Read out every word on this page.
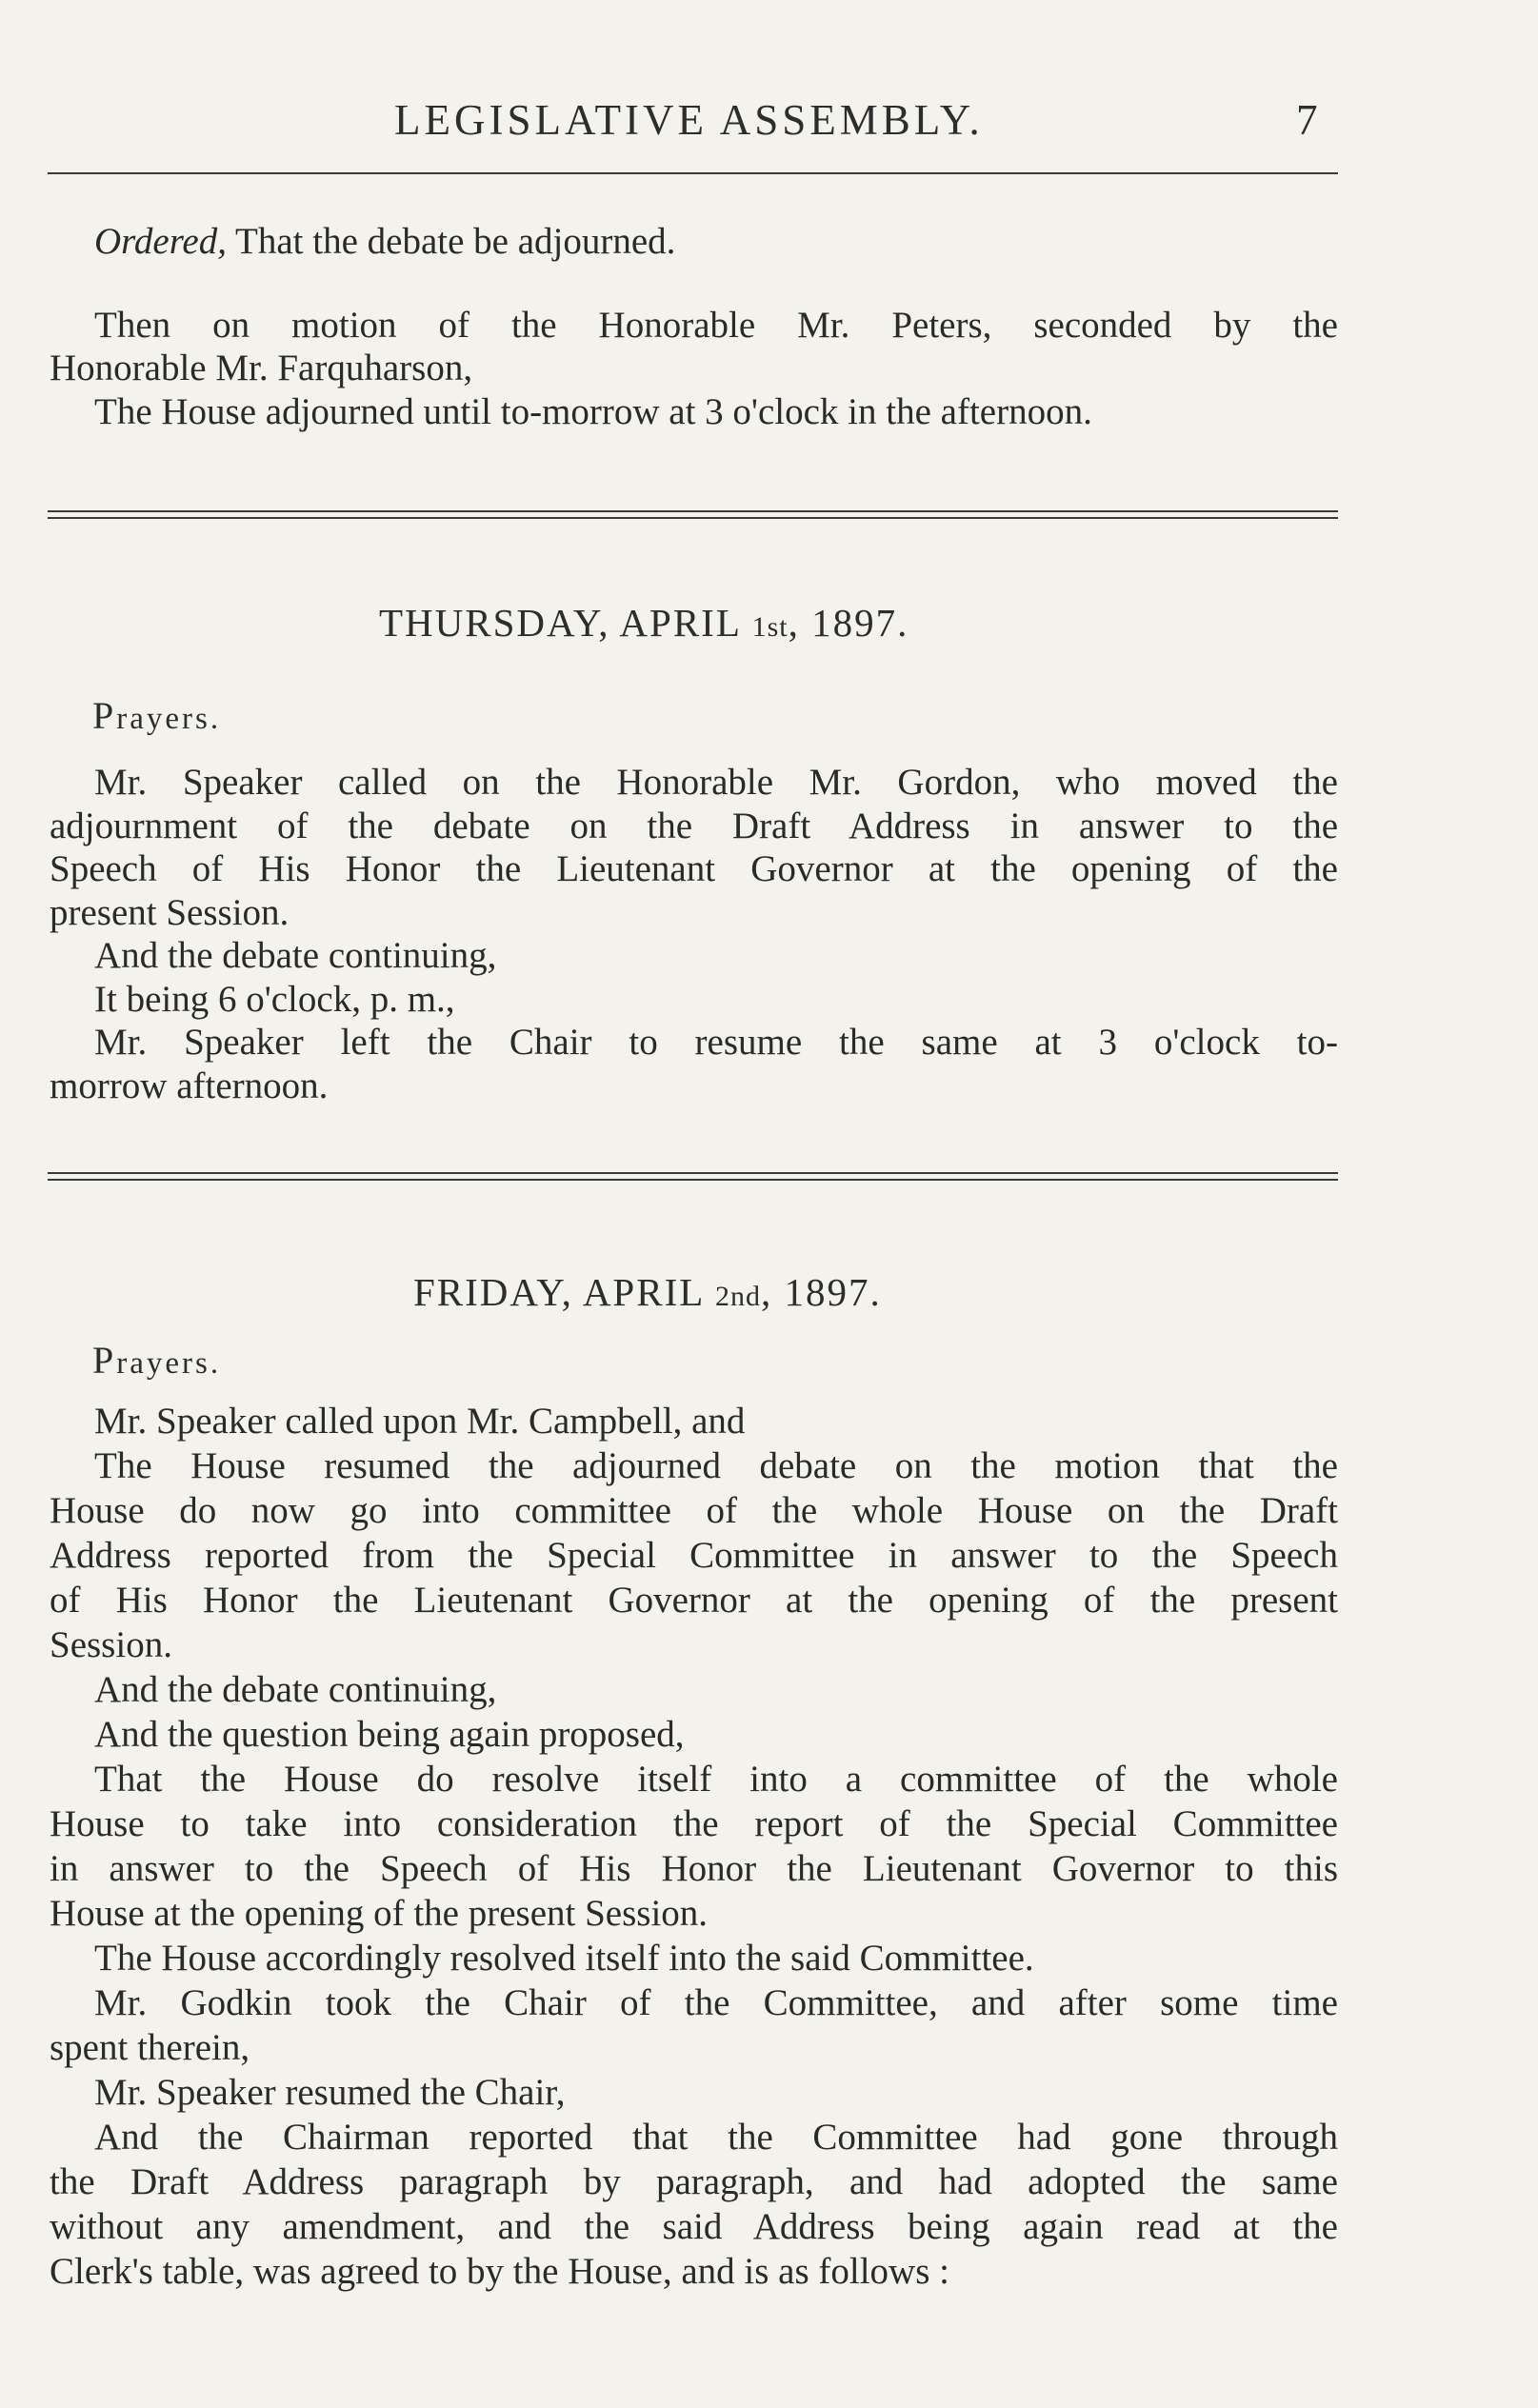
LEGISLATIVE ASSEMBLY.	7
Ordered, That the debate be adjourned.
Then on motion of the Honorable Mr. Peters, seconded by the
Honorable Mr. Farquharson,
The House adjourned until to-morrow at 3 o'clock in the afternoon.
THURSDAY, APRIL 1st, 1897.
Prayers.
Mr. Speaker called on the Honorable Mr. Gordon, who moved the
adjournment of the debate on the Draft Address in answer to the
Speech of His Honor the Lieutenant Governor at the opening of the
present Session.
And the debate continuing,
It being 6 o'clock, p. m.,
Mr. Speaker left the Chair to resume the same at 3 o'clock to-
morrow afternoon.
FRIDAY, APRIL 2nd, 1897.
Prayers.
Mr. Speaker called upon Mr. Campbell, and
The House resumed the adjourned debate on the motion that the
House do now go into committee of the whole House on the Draft
Address reported from the Special Committee in answer to the Speech
of His Honor the Lieutenant Governor at the opening of the present
Session.
And the debate continuing,
And the question being again proposed,
That the House do resolve itself into a committee of the whole
House to take into consideration the report of the Special Committee
in answer to the Speech of His Honor the Lieutenant Governor to this
House at the opening of the present Session.
The House accordingly resolved itself into the said Committee.
Mr. Godkin took the Chair of the Committee, and after some time
spent therein,
Mr. Speaker resumed the Chair,
And the Chairman reported that the Committee had gone through
the Draft Address paragraph by paragraph, and had adopted the same
without any amendment, and the said Address being again read at the
Clerk's table, was agreed to by the House, and is as follows :
